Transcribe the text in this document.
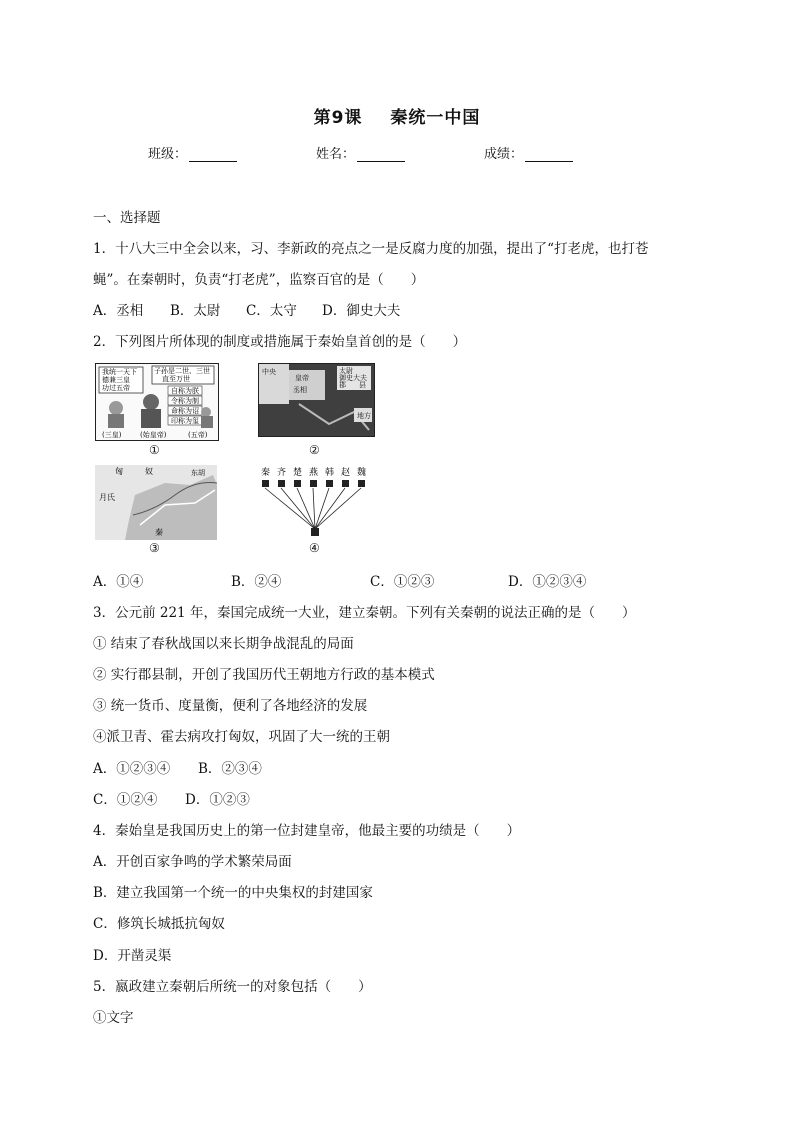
第9课 秦统一中国
班级：	姓名：	成绩：
一、选择题
1．十八大三中全会以来，习、李新政的亮点之一是反腐力度的加强，提出了“打老虎，也打苍
蝇”。在秦朝时，负责“打老虎”，监察百官的是（　　）
A．丞相 B．太尉 C．太守 D．御史大夫
2．下列图片所体现的制度或措施属于秦始皇首创的是（　　）
我统一天下
德兼三皇
功过五帝
子孙是二世、三世
直至万世
自称为朕
令称为制
命称为诏
印称为玺
(三皇)	(始皇帝)	(五帝)
①
中央
皇帝
丞相
太尉
御史大夫
郡 县
地方
②
匈	奴	东胡
月氏
秦
③
秦 齐 楚 燕 韩 赵 魏
④
A．①④	B．②④	C．①②③	D．①②③④
3．公元前 221 年，秦国完成统一大业，建立秦朝。下列有关秦朝的说法正确的是（　　）
① 结束了春秋战国以来长期争战混乱的局面
② 实行郡县制，开创了我国历代王朝地方行政的基本模式
③ 统一货币、度量衡，便利了各地经济的发展
④派卫青、霍去病攻打匈奴，巩固了大一统的王朝
A．①②③④ B．②③④
C．①②④ D．①②③
4．秦始皇是我国历史上的第一位封建皇帝，他最主要的功绩是（　　）
A．开创百家争鸣的学术繁荣局面
B．建立我国第一个统一的中央集权的封建国家
C．修筑长城抵抗匈奴
D．开凿灵渠
5．嬴政建立秦朝后所统一的对象包括（　　）
①文字
